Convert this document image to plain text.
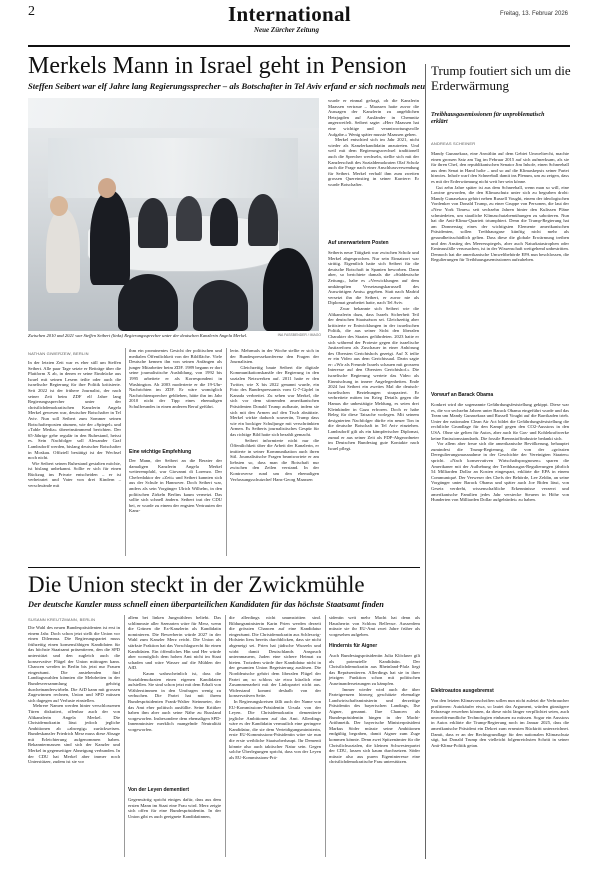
2	International
Neue Zürcher Zeitung
Freitag, 13. Februar 2026
Merkels Mann in Israel geht in Pension
Steffen Seibert war elf Jahre lang Regierungssprecher – als Botschafter in Tel Aviv erfand er sich nochmals neu
Zwischen 2010 und 2021 war Steffen Seibert (links) Regierungssprecher unter der deutschen Kanzlerin Angela Merkel.	INA FASSBENDER / IMAGO
NATHAN GIWERZEW, BERLIN
In der letzten Zeit war es eher still um Steffen Seibert. Alle paar Tage setzte er Beiträge über die Plattform X ab, in denen er seine Eindrücke aus Israel mit seinen Lesern teilte oder auch die israelische Regierung für ihre Politik kritisierte. Seit 2022 ist der frühere Journalist, der nach seiner Zeit beim ZDF elf Jahre lang Regierungssprecher unter der christlichdemokratischen Kanzlerin Angela Merkel gewesen war, deutscher Botschafter in Tel Aviv. Nun soll Seibert zum Sommer seinen Botschafterposten räumen, wie der «Spiegel» und «Table Media» übereinstimmend berichten. Der 65-Jährige gehe regulär in den Ruhestand, heisst es. Sein Nachfolger soll Alexander Graf Lambsdorff werden, bislang deutscher Botschafter in Moskau. Offiziell bestätigt ist der Wechsel noch nicht.
Wie Seibert seinen Ruhestand gestalten möchte, ist bislang unbekannt. Sollte er sich für einen Rückzug ins Private entscheiden – er ist verheiratet und Vater von drei Kindern – verschwände mit
ihm ein prominentes Gesicht der politischen und medialen Öffentlichkeit von der Bildfläche. Viele Deutsche kennen ihn von seinen Anfängen als junger Mitarbeiter beim ZDF. 1989 begann er dort seine journalistische Ausbildung, von 1992 bis 1995 arbeitete er als Korrespondent in Washington. Ab 2003 moderierte er die 19-Uhr-Nachrichten im ZDF. Er wäre womöglich Nachrichtensprecher geblieben, hätte ihn im Jahr 2010 nicht der Tipp eines ehemaligen Schulfreundes in einen anderen Beruf geführt.
Eine wichtige Empfehlung
Der Mann, der Seibert an die Berater der damaligen Kanzlerin Angela Merkel weiterempfahl, war Giovanni di Lorenzo. Der Chefredaktor der «Zeit» und Seibert kannten sich aus der Schule in Hannover. Doch Seibert war, anders als sein Vorgänger Ulrich Wilhelm, in den politischen Zirkeln Berlins kaum vernetzt. Das sollte sich schnell ändern. Seibert trat der CDU bei, er wurde zu einem der engsten Vertrauten der Kanz-
lerin. Mehrmals in der Woche stellte er sich in der Bundespressekonferenz den Fragen der Journalisten.
Gleichzeitig baute Seibert die digitale Kommunikationskanäle der Regierung in den sozialen Netzwerken auf. 2011 hatte er den Twitter, wie X bis 2022 genannt wurde, ein Foto des Bundespressamts vom G-7-Gipfel in Kanada verbreitet. Zu sehen war Merkel, die sich vor dem stirnenden amerikanischen Präsidenten Donald Trump aufbaute, indem sie sich mit den Armen auf den Tisch abstützte. Merkel wirkte dadurch souverän, Trump dass wie ein bockiger Schuljunge mit verschränkten Armen. Es Seiberts journalistisches Gespür für das richtige Bild hatte sich bezahlt gemacht.
Seibert informierte nicht nur die Öffentlichkeit über die Arbeit der Kanzlerin, er imitierte in seiner Kommunikation auch ihren Stil. Journalistische Fragen beantwortete er am liebsten so, dass man die Botschaft nur zwischen den Zeilen verstand. In der Kontroverse rund um den ehemaligen Verfassungsschutzchef Hans-Georg Maassen
wurde er einmal gefragt, ob die Kanzlerin Maassen vertraue – Maassen hatte zuvor die Aussagen der Kanzlerin zu angeblichen Hetzjagden auf Ausländer in Chemnitz angezweifelt. Seibert sagte: «Herr Maassen hat eine wichtige und verantwortungsvolle Aufgabe.» Wenig später musste Maassen gehen.
Merkel entschied sich im Jahr 2021, nicht wieder als Kanzlerkandidatin anzutreten. Und weil mit dem Regierungswechsel traditionell auch die Sprecher wechseln, stellte sich mit der Kanzlerschaft des Sozialdemokraten Olaf Scholz auch die Frage nach einer Anschlussverwendung für Seibert. Merkel verhalf ihm zum zweiten grossen Quereinstieg in seiner Karriere: Er wurde Botschafter.
Auf unerwartetem Posten
Seiberts neue Tätigkeit war zwischen Scholz und Merkel abgesprochen. Nur sein Einsatzort war strittig. Eigentlich hatte sich Seibert für die deutsche Botschaft in Spanien beworben. Dann aber, so berichtete damals die «Süddeutsche Zeitung», habe es «Verwicklungen auf dem umkämpften Versetzungskarussell des Auswärtigen Amts» gegeben. Statt nach Madrid versetzt ihn die Seibert, er zuvor nie als Diplomat gearbeitet hatte, nach Tel Aviv.
Zwar bekannte sich Seibert wie die Altkanzlerin dazu, dass Israels Sicherheit Teil der deutschen Staatsräson sei. Gleichzeitig aber kritisierte er Entwicklungen in der israelischen Politik, die aus seiner Sicht den liberalen Charakter des Staates gefährdeten. 2023 hatte er sich während der Proteste gegen die israelische Justizreform als Zuschauer in einer Anhörung des Obersten Gerichtshofs gezeigt. Auf X teilte er ein Video aus dem Gerichtssaal. Darin sagte er: «Wir als Freunde Israels schauen mit grossem Interesse auf den Obersten Gerichtshof.» Die israelische Regierung wertete das Video als Einmischung in innere Angelegenheiten. Ende 2024 hat Seibert ein zweites Mal die deutsch-israelischen Beziehungen strapaziert. Er verbreitete mitten im Krieg Details gegen die Hamas die unbestätigte Meldung, es seien drei Kleinkinder in Gaza erfroren. Doch er habe Beleg für diese Tatsache vorlegen. Mit seinem designierten Nachfolger dürfte ein neuer Ton in die deutsche Botschaft in Tel Aviv einziehen. Lambsdorff gilt als ein kämpferischer Diplomat, zumal er aus seiner Zeit als FDP-Abgeordneter im Deutschen Bundestag gute Kontakte nach Israel pflegt.
Trump foutiert sich um die Erderwärmung
Treibhausgasemissionen für unproblematisch erklärt
ANDREAS SCHEINER
Mandy Gunasekara, eine Anwältin auf dem Gebiet Umweltrecht, machte einen grossen Satz am Tag im Februar 2015 auf sich aufmerksam, als sie für ihren Chef, den republikanischen Senator Jim Inhofe, einen Schneeball aus dem Senat in Hand holte – und so auf die Klimaskepsis seiner Partei hinwies. Inhofe warf den Schneeball damit ins Plenum, um zu zeigen, dass es mit der Erderwärmung nicht weit her sein könne.
Gut zehn Jahre später ist aus dem Schneeball, wenn man so will, eine Lawine geworden, die den Klimaschutz unter sich zu begraben droht: Mandy Gunasekara gehört neben Russell Vought, einem der ideologischen Vordenker von Donald Trump, zu einer Gruppe von Personen, die laut der «New York Times» seit sechzehn Jahren hinter den Kulissen Pläne schmiedeten, um staatliche Klimaschutzbemühungen zu sabotieren. Nun hat die Anti-Klima-Quartett triumphiert. Denn die Trump-Regierung hat am Donnerstag eines der wichtigsten Elemente amerikanischen Präsidenten, sollen Treibhausgase künftig nicht mehr als gesundheitsschädlich gelten. Dass diese die globale Erwärmung treiben und den Anstieg des Meeresspiegels, aber auch Naturkatastrophen oder Ernteausfälle verursachen, ist in der Wissenschaft weitgehend unbestritten. Dennoch hat die amerikanische Umweltbehörde EPA nun beschlossen, die Regulierungen für Treibhausgasemissionen aufzuheben.
Vorwurf an Barack Obama
Konkret wird die sogenannte Gefährdungsfeststellung gekippt. Diese war es, die vor sechzehn Jahren unter Barack Obama eingeführt wurde und das Team um Mandy Gunasekara und Russell Vought auf die Barrikaden trieb. Unter der nationalen Clean Air Act bildet die Gefährdungsfeststellung die rechtliche Grundlage für den Kampf gegen den CO2-Ausstoss in den USA. Ohne sie gelten für Autos, aber auch für Gas- und Kohlekraftwerke keine Emissionsstandards. Die fossile Brennstoffindustrie bedankt sich.
Vor allem aber freue sich die amerikanische Bevölkerung, behauptet zumindest die Trump-Regierung, die von der «grössten Deregulierungsmassnahme in der Geschichte der Vereinigten Staaten» spricht. «Nach konservativen Wirtschaftsprognosen» sparen die Amerikaner mit der Aufhebung der Treibhausgas-Regulierungen jährlich 54 Milliarden Dollar an Kosten eingespart, erklärte die EPA in einem Communiqué. Der Verweser des Chefs der Behörde, Lee Zeldin, an seine Vorgänger unter Barack Obama und später auch Joe Biden lässt, von Gesetz verdreht, wissenschaftliche Erkenntnisse verzerrt und amerikanische Familien jedes Jahr verstecke Steuern in Höhe von Hunderten von Milliarden Dollar aufgebürdet» zu haben.
Elektroautos ausgebremst
Von den letzten Klimavorschriften sollen nun nicht zuletzt die Verbraucher profitieren: Autokäufer etwa, so lautet das Argument, würden günstigere Fahrzeuge erwerben können, da diese nicht länger verpflichtet seien, auch umweltfreundliche Technologien einbauen zu müssen. Sogar ein Ausstoss in Autos erklärte die Trump-Regierung noch im Januar 2025, dass die amerikanische Präsident ein Dekret zum erneuten Rücktritt unterzeichnet. Damit, dass er an der Rechtsgrundlage für den nationalen Klimaschutz sägt, hat Donald Trump den vielleicht folgenreichsten Schritt in seiner Anti-Klima-Politik getan.
Die Union steckt in der Zwickmühle
Der deutsche Kanzler muss schnell einen überparteilichen Kandidaten für das höchste Staatsamt finden
SUSANN KREUTZMANN, BERLIN
Die Wahl des neuen Bundespräsidenten ist erst in einem Jahr. Doch schon jetzt stellt die Union vor einen Dilemma. Die Regierungspartei muss frühzeitig einen konsensfähigen Kandidaten für das höchste Staatsamt präsentieren, den die SPD unterstützt und den zugleich auch die konservative Flügel der Union mittragen kann. Chancen werden in Berlin bis jetzt nur Frauen eingeräumt. Die anstehenden fünf Landtagswahlen könnten die Mehrheiten in der Bundesversammlung gehörig durcheinanderwirbeln. Die AfD kann mit grossen Zugewinnen rechnen, Union und SPD müssen sich dagegen auf Verluste einstellen.
Mehrere Namen werden hinter verschlossenen Türen diskutiert, offenbar auch der von Altkanzlerin Angela Merkel. Die Christdemokratin lässt jedoch jegliche Ambitionen ab »abwegig« zurückweisen. Bundeskanzler Friedrich Merz muss diese Absage mit Erleichterung aufgenommen haben. Bekanntermassen sind sich der Kanzler und Merkel in gegenseitiger Abneigung verbunden. In der CDU hat Merkel aber immer noch Unterstützer, zudem ist sie vor
allem bei linken Jungwählern beliebt. Das schlimmste aller Szenarien wäre für Merz, wenn die Grünen die Ex-Kanzlerin als Kandidatin nominieren. Die Bewerberin würde 2027 in der Wahl zum Kanzler Merz reicht. Die Union als stärkste Fraktion hat das Vorschlagsrecht für einen Kandidaten. Ein öffentliches Hin und Her würde aber womöglich dem hohen Amt nicht im Staat schaden und wäre Wasser auf die Mühlen der AfD.
Kaum wahrscheinlich ist, dass die Sozialdemokraten einen eigenen Kandidaten aufstellen. Sie sind schon jetzt mit dem Erhalt von Wählerstimmen in den Umfragen wenig zu verbuchen. Die Partei hat mit ihrem Bundespräsidenten Frank-Walter Steinmeier, der das Amt eher politisch ausfüllte. Seine Kritiker haben ihm aber auch seine Nähe zu Russland vorgeworfen. Insbesondere dem ehemaligen SPD-Innenminister merklich mangelnde Neutralität vorgeworfen.
Von der Leyen dementiert
Gegenwärtig spricht einiges dafür, dass aus dem ersten Mann im Staat eine Frau wird. Merz zeigte sich offen für eine Bundespräsidentin. In der Union gibt es auch geeignete Kandidatinnen,
die allerdings nicht unumstritten sind. Bildungsministerin Karin Prien werden derzeit die grössten Chancen auf eine Kandidatur eingeräumt. Die Christdemokratin aus Schleswig-Holstein liess bereits durchblicken, dass sie nicht abgeneigt sei. Prien hat jüdische Wurzeln und wirbt damit Deutschlands Anspruch unternmauern, Juden eine sichere Heimat zu bieten. Trotzdem würde ihre Kandidatur nicht in der gesamten Union Begeisterung auslösen. Die Norddeutsche gehört dem liberalen Flügel der Partei an; so schloss sie etwa kürzlich eine Zusammenarbeit mit der Linkspartei nicht aus. Widerstand kommt deshalb von der konservativen Seite.
In Regierungskreisen fällt auch der Name von EU-Kommissions-Präsidentin Ursula von der Leyen. Die Christdemokratin dementierte jegliche Ambitionen auf das Amt. Allerdings wäre es der Kandidatin vermutlich eine geringere Kandidatur, die sie dem Verteidigungsministerin, erste EU-Kommissions-Präsidentin wäre sie nun die erste weibliche Staatsoberhaupt. Ihr Dementi könnte also auch taktischer Natur sein. Gegen solche Überlegungen spricht, dass von der Leyen als EU-Kommissions-Prä-
sidentin weit mehr Macht hat denn als Hausherrin von Schloss Bellevue. Ausserdem müsste sie ihr EU-Amt zwei Jahre früher als vorgesehen aufgeben.
Hindernis für Aigner
Auch Bundestagspräsidentin Julia Klöckner gilt als potenzielle Kandidatin. Der Christlichdemokratin aus Rheinland-Pfalz liegt das Repräsentieren. Allerdings hat sie in ihrer jetzigen Funktion schon mit politischen Auseinandersetzungen zu kämpfen.
Immer wieder wird auch die über Parteigrenzen hinweg geschätzte ehemalige Landwirtschaftsministerin und derzeitige Präsidentin des bayerischen Landtags, Ilse Aigner, genannt. Ihre Chancen als Bundespräsidentin hingen in der Macht-Arithmetik. Der bayerische Ministerpräsident Markus Söder müsste seine Ambitionen endgültig begraben, damit Aigner zum Zuge kommen könnte. Denn zwei Spitzenämter für die Christlichsozialen, die kleinen Schwesterpartei der CDU, lassen sich kaum durchsetzen. Söder müsste also aus puren Eigeninteresse eine christlichdemokratische Frau unterstützen.
